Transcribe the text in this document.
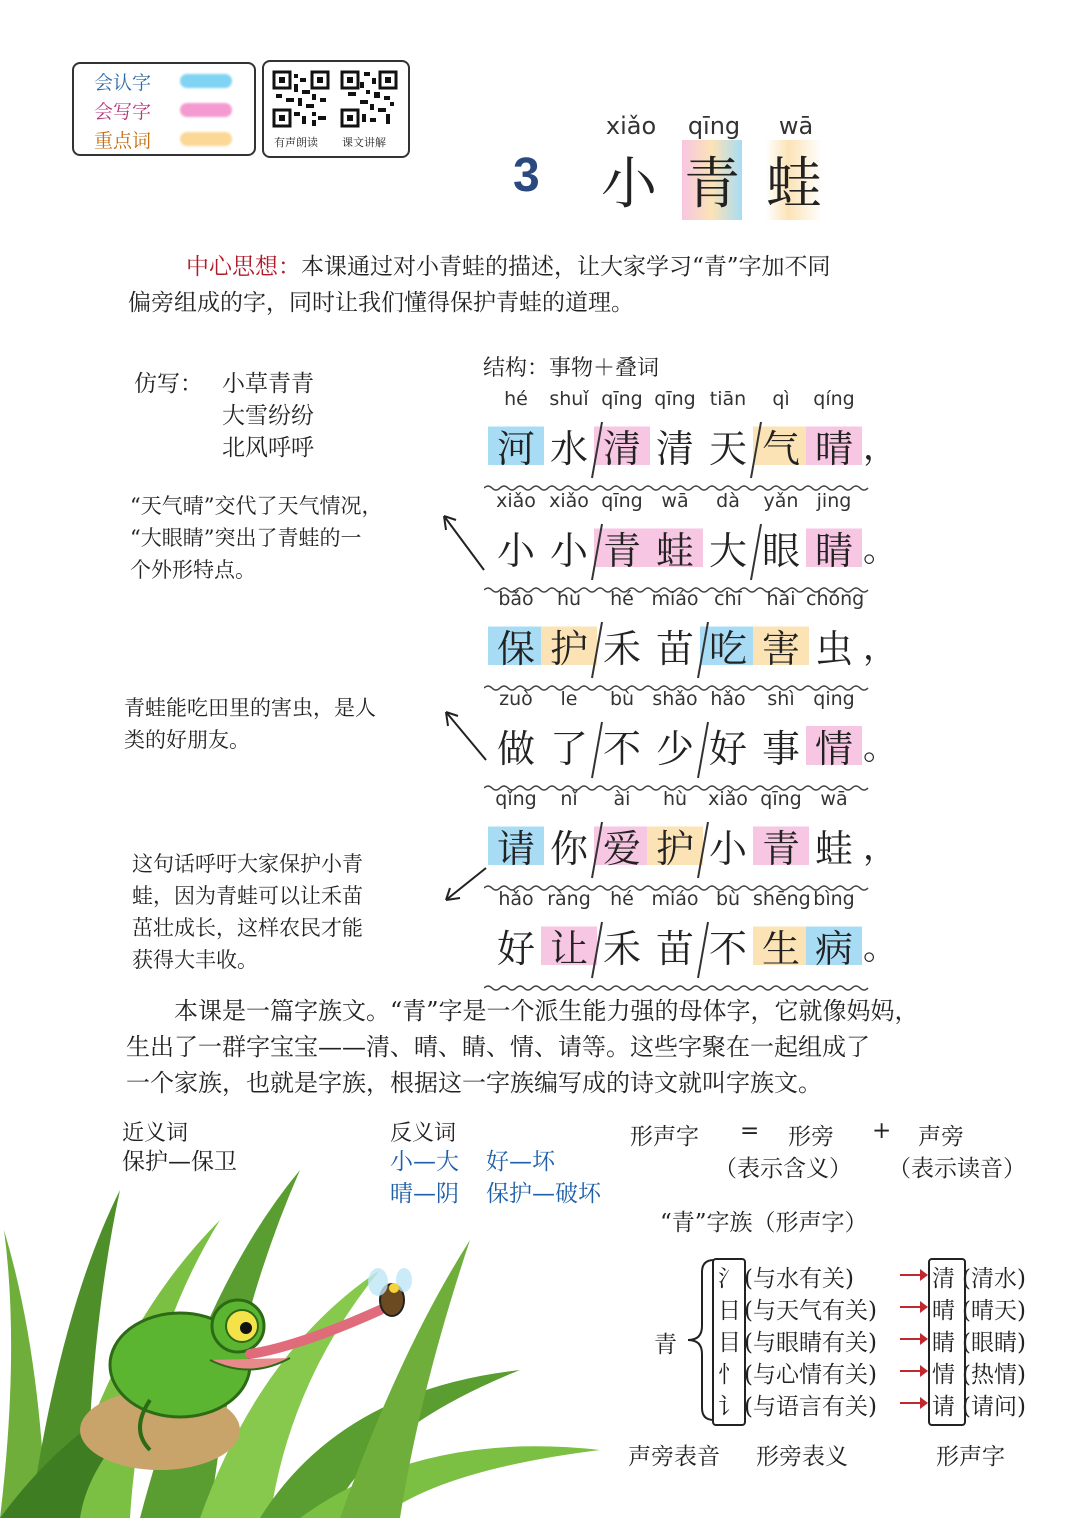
会认字
会写字
重点词	有声朗读 课文讲解
xiǎo qīng	wā
3 小 青 蛙
中心思想：本课通过对小青蛙的描述，让大家学习“青”字加不同
偏旁组成的字，同时让我们懂得保护青蛙的道理。
仿写： 小草青青
大雪纷纷
北风呼呼
结构：事物＋叠词
“天气晴”交代了天气情况，
“大眼睛”突出了青蛙的一
个外形特点。
青蛙能吃田里的害虫，是人
类的好朋友。
这句话呼吁大家保护小青
蛙，因为青蛙可以让禾苗
茁壮成长，这样农民才能
获得大丰收。
hé	shuǐ qīng qīng tiān	qì	qíng
河 水 清 清 天 气 晴 ，
xiǎo xiǎo qīng wā	dà	yǎn jing
小 小 青 蛙 大 眼 睛 。
bǎo	hù	hé miáo chī	hài chóng
保 护 禾 苗 吃 害 虫 ，
zuò	le	bù shǎo hǎo	shì qing
做 了 不 少 好 事 情 。
qǐng	nǐ	ài	hù	xiǎo qīng wā
请 你 爱 护 小 青 蛙 ，
hǎo ràng	hé miáo bù shēng bìng
好 让 禾 苗 不 生 病 。
本课是一篇字族文。“青”字是一个派生能力强的母体字，它就像妈妈，
生出了一群字宝宝——清、晴、睛、情、请等。这些字聚在一起组成了
一个家族，也就是字族，根据这一字族编写成的诗文就叫字族文。
近义词
保护—保卫
反义词
小—大 好—坏
晴—阴 保护—破坏
形声字 = 形旁 + 声旁
（表示含义） （表示读音）
“青”字族（形声字）
青
氵 (与水有关)	清 (清水)
日 (与天气有关) 晴 (晴天)
目 (与眼睛有关) 睛 (眼睛)
忄 (与心情有关) 情 (热情)
讠 (与语言有关) 请 (请问)
声旁表音 形旁表义	形声字
